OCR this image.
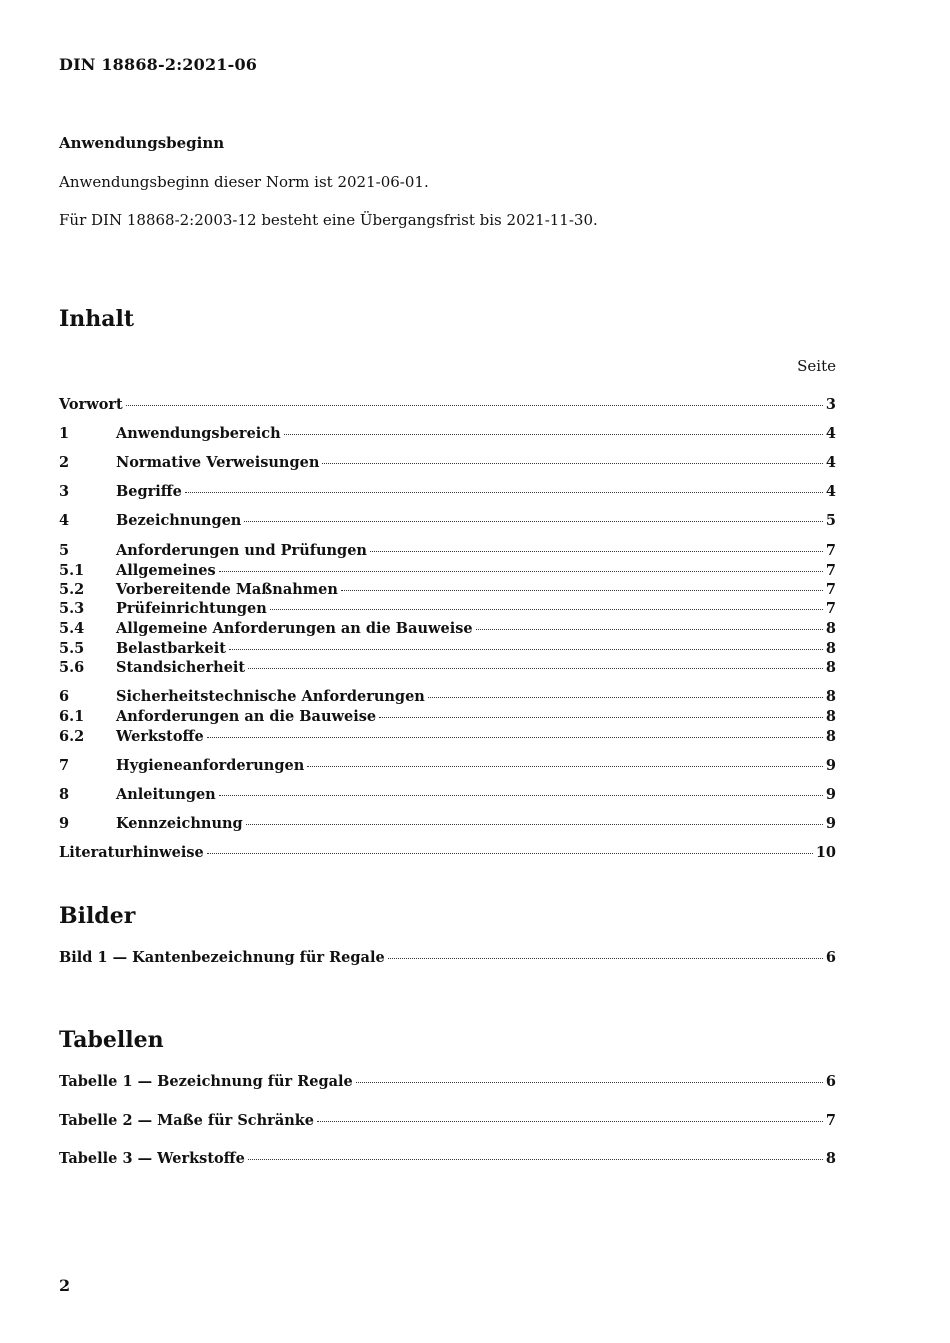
DIN 18868-2:2021-06
Anwendungsbeginn
Anwendungsbeginn dieser Norm ist 2021-06-01.
Für DIN 18868-2:2003-12 besteht eine Übergangsfrist bis 2021-11-30.
Inhalt
Seite
Vorwort	3
1	Anwendungsbereich	4
2	Normative Verweisungen	4
3	Begriffe	4
4	Bezeichnungen	5
5	Anforderungen und Prüfungen	7
5.1	Allgemeines	7
5.2	Vorbereitende Maßnahmen	7
5.3	Prüfeinrichtungen	7
5.4	Allgemeine Anforderungen an die Bauweise	8
5.5	Belastbarkeit	8
5.6	Standsicherheit	8
6	Sicherheitstechnische Anforderungen	8
6.1	Anforderungen an die Bauweise	8
6.2	Werkstoffe	8
7	Hygieneanforderungen	9
8	Anleitungen	9
9	Kennzeichnung	9
Literaturhinweise	10
Bilder
Bild 1 — Kantenbezeichnung für Regale	6
Tabellen
Tabelle 1 — Bezeichnung für Regale	6
Tabelle 2 — Maße für Schränke	7
Tabelle 3 — Werkstoffe	8
2
